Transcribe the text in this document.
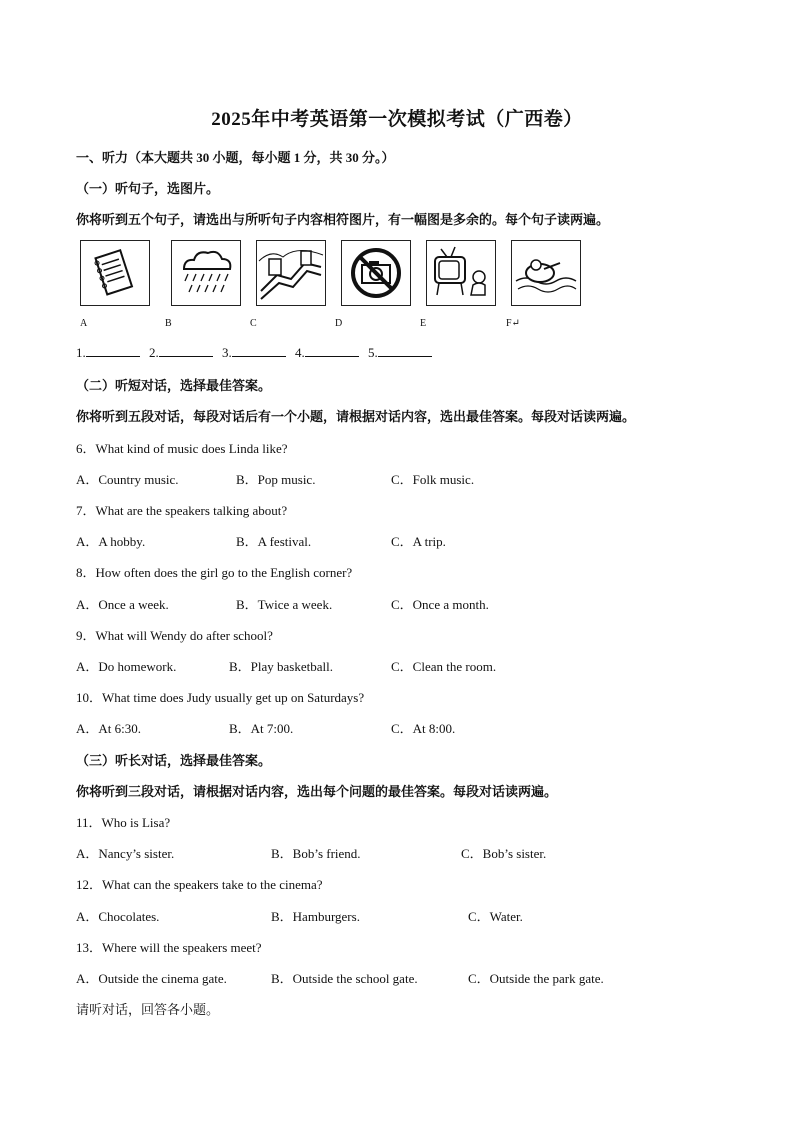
2025年中考英语第一次模拟考试（广西卷）
一、听力（本大题共 30 小题，每小题 1 分，共 30 分。）
（一）听句子，选图片。
你将听到五个句子，请选出与所听句子内容相符图片，有一幅图是多余的。每个句子读两遍。
A	B	C	D	E	F↵
1.	2.	3.	4.	5.
（二）听短对话，选择最佳答案。
你将听到五段对话，每段对话后有一个小题，请根据对话内容，选出最佳答案。每段对话读两遍。
6．What kind of music does Linda like?
A．Country music.	B．Pop music.	C．Folk music.
7．What are the speakers talking about?
A．A hobby.	B．A festival.	C．A trip.
8．How often does the girl go to the English corner?
A．Once a week.	B．Twice a week.	C．Once a month.
9．What will Wendy do after school?
A．Do homework.	B．Play basketball.	C．Clean the room.
10．What time does Judy usually get up on Saturdays?
A．At 6:30.	B．At 7:00.	C．At 8:00.
（三）听长对话，选择最佳答案。
你将听到三段对话，请根据对话内容，选出每个问题的最佳答案。每段对话读两遍。
11．Who is Lisa?
A．Nancy’s sister.	B．Bob’s friend.	C．Bob’s sister.
12．What can the speakers take to the cinema?
A．Chocolates.	B．Hamburgers.	C．Water.
13．Where will the speakers meet?
A．Outside the cinema gate.	B．Outside the school gate.	C．Outside the park gate.
请听对话，回答各小题。
